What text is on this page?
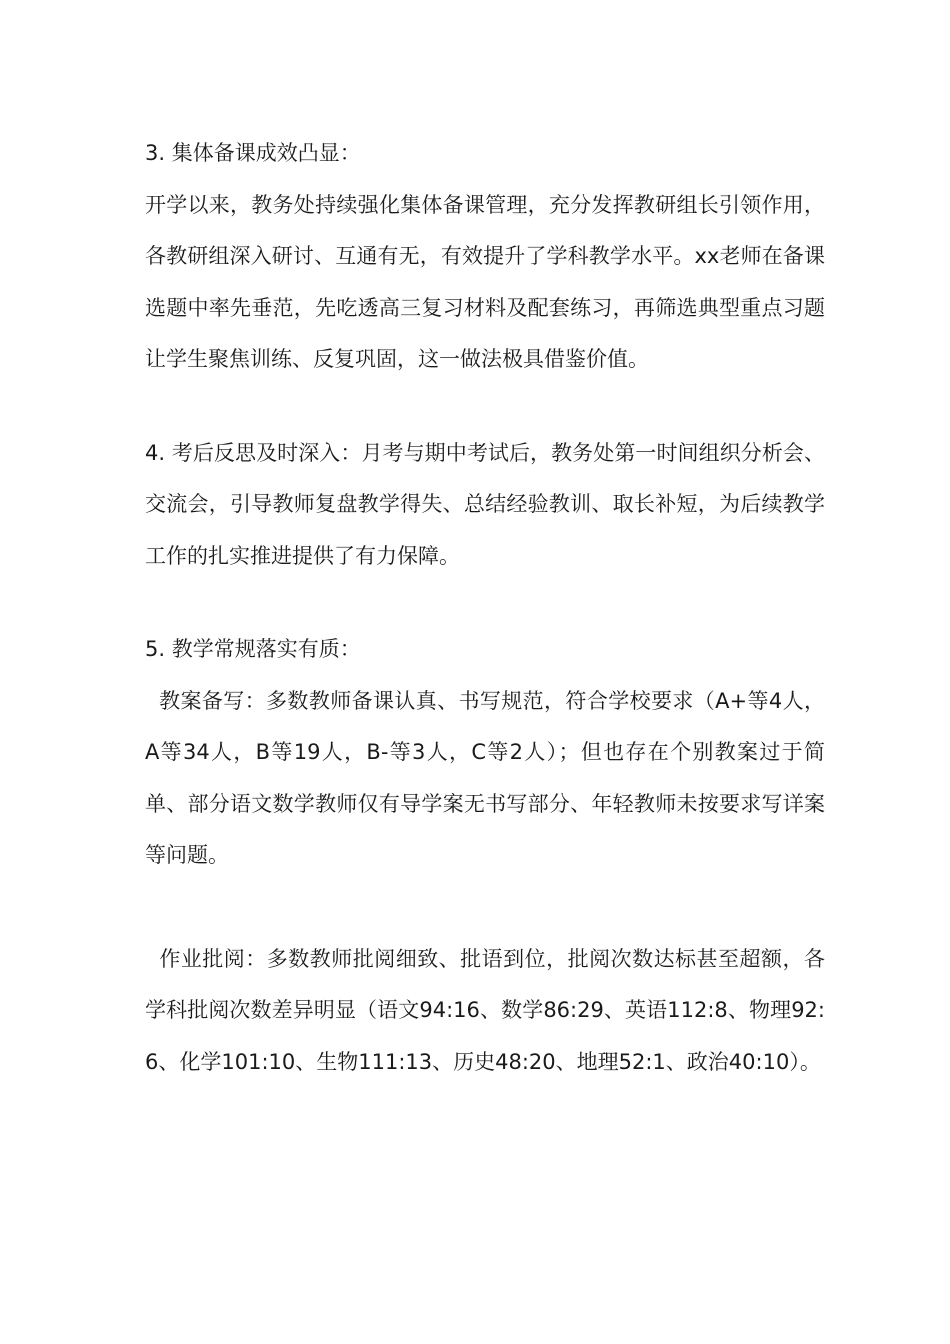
3. 集体备课成效凸显：

开学以来，教务处持续强化集体备课管理，充分发挥教研组长引领作用，各教研组深入研讨、互通有无，有效提升了学科教学水平。xx老师在备课选题中率先垂范，先吃透高三复习材料及配套练习，再筛选典型重点习题让学生聚焦训练、反复巩固，这一做法极具借鉴价值。

4. 考后反思及时深入：月考与期中考试后，教务处第一时间组织分析会、交流会，引导教师复盘教学得失、总结经验教训、取长补短，为后续教学工作的扎实推进提供了有力保障。

5. 教学常规落实有质：

教案备写：多数教师备课认真、书写规范，符合学校要求（A+等4人，A等34人，B等19人，B-等3人，C等2人）；但也存在个别教案过于简单、部分语文数学教师仅有导学案无书写部分、年轻教师未按要求写详案等问题。

作业批阅：多数教师批阅细致、批语到位，批阅次数达标甚至超额，各学科批阅次数差异明显（语文94:16、数学86:29、英语112:8、物理92:6、化学101:10、生物111:13、历史48:20、地理52:1、政治40:10）。
